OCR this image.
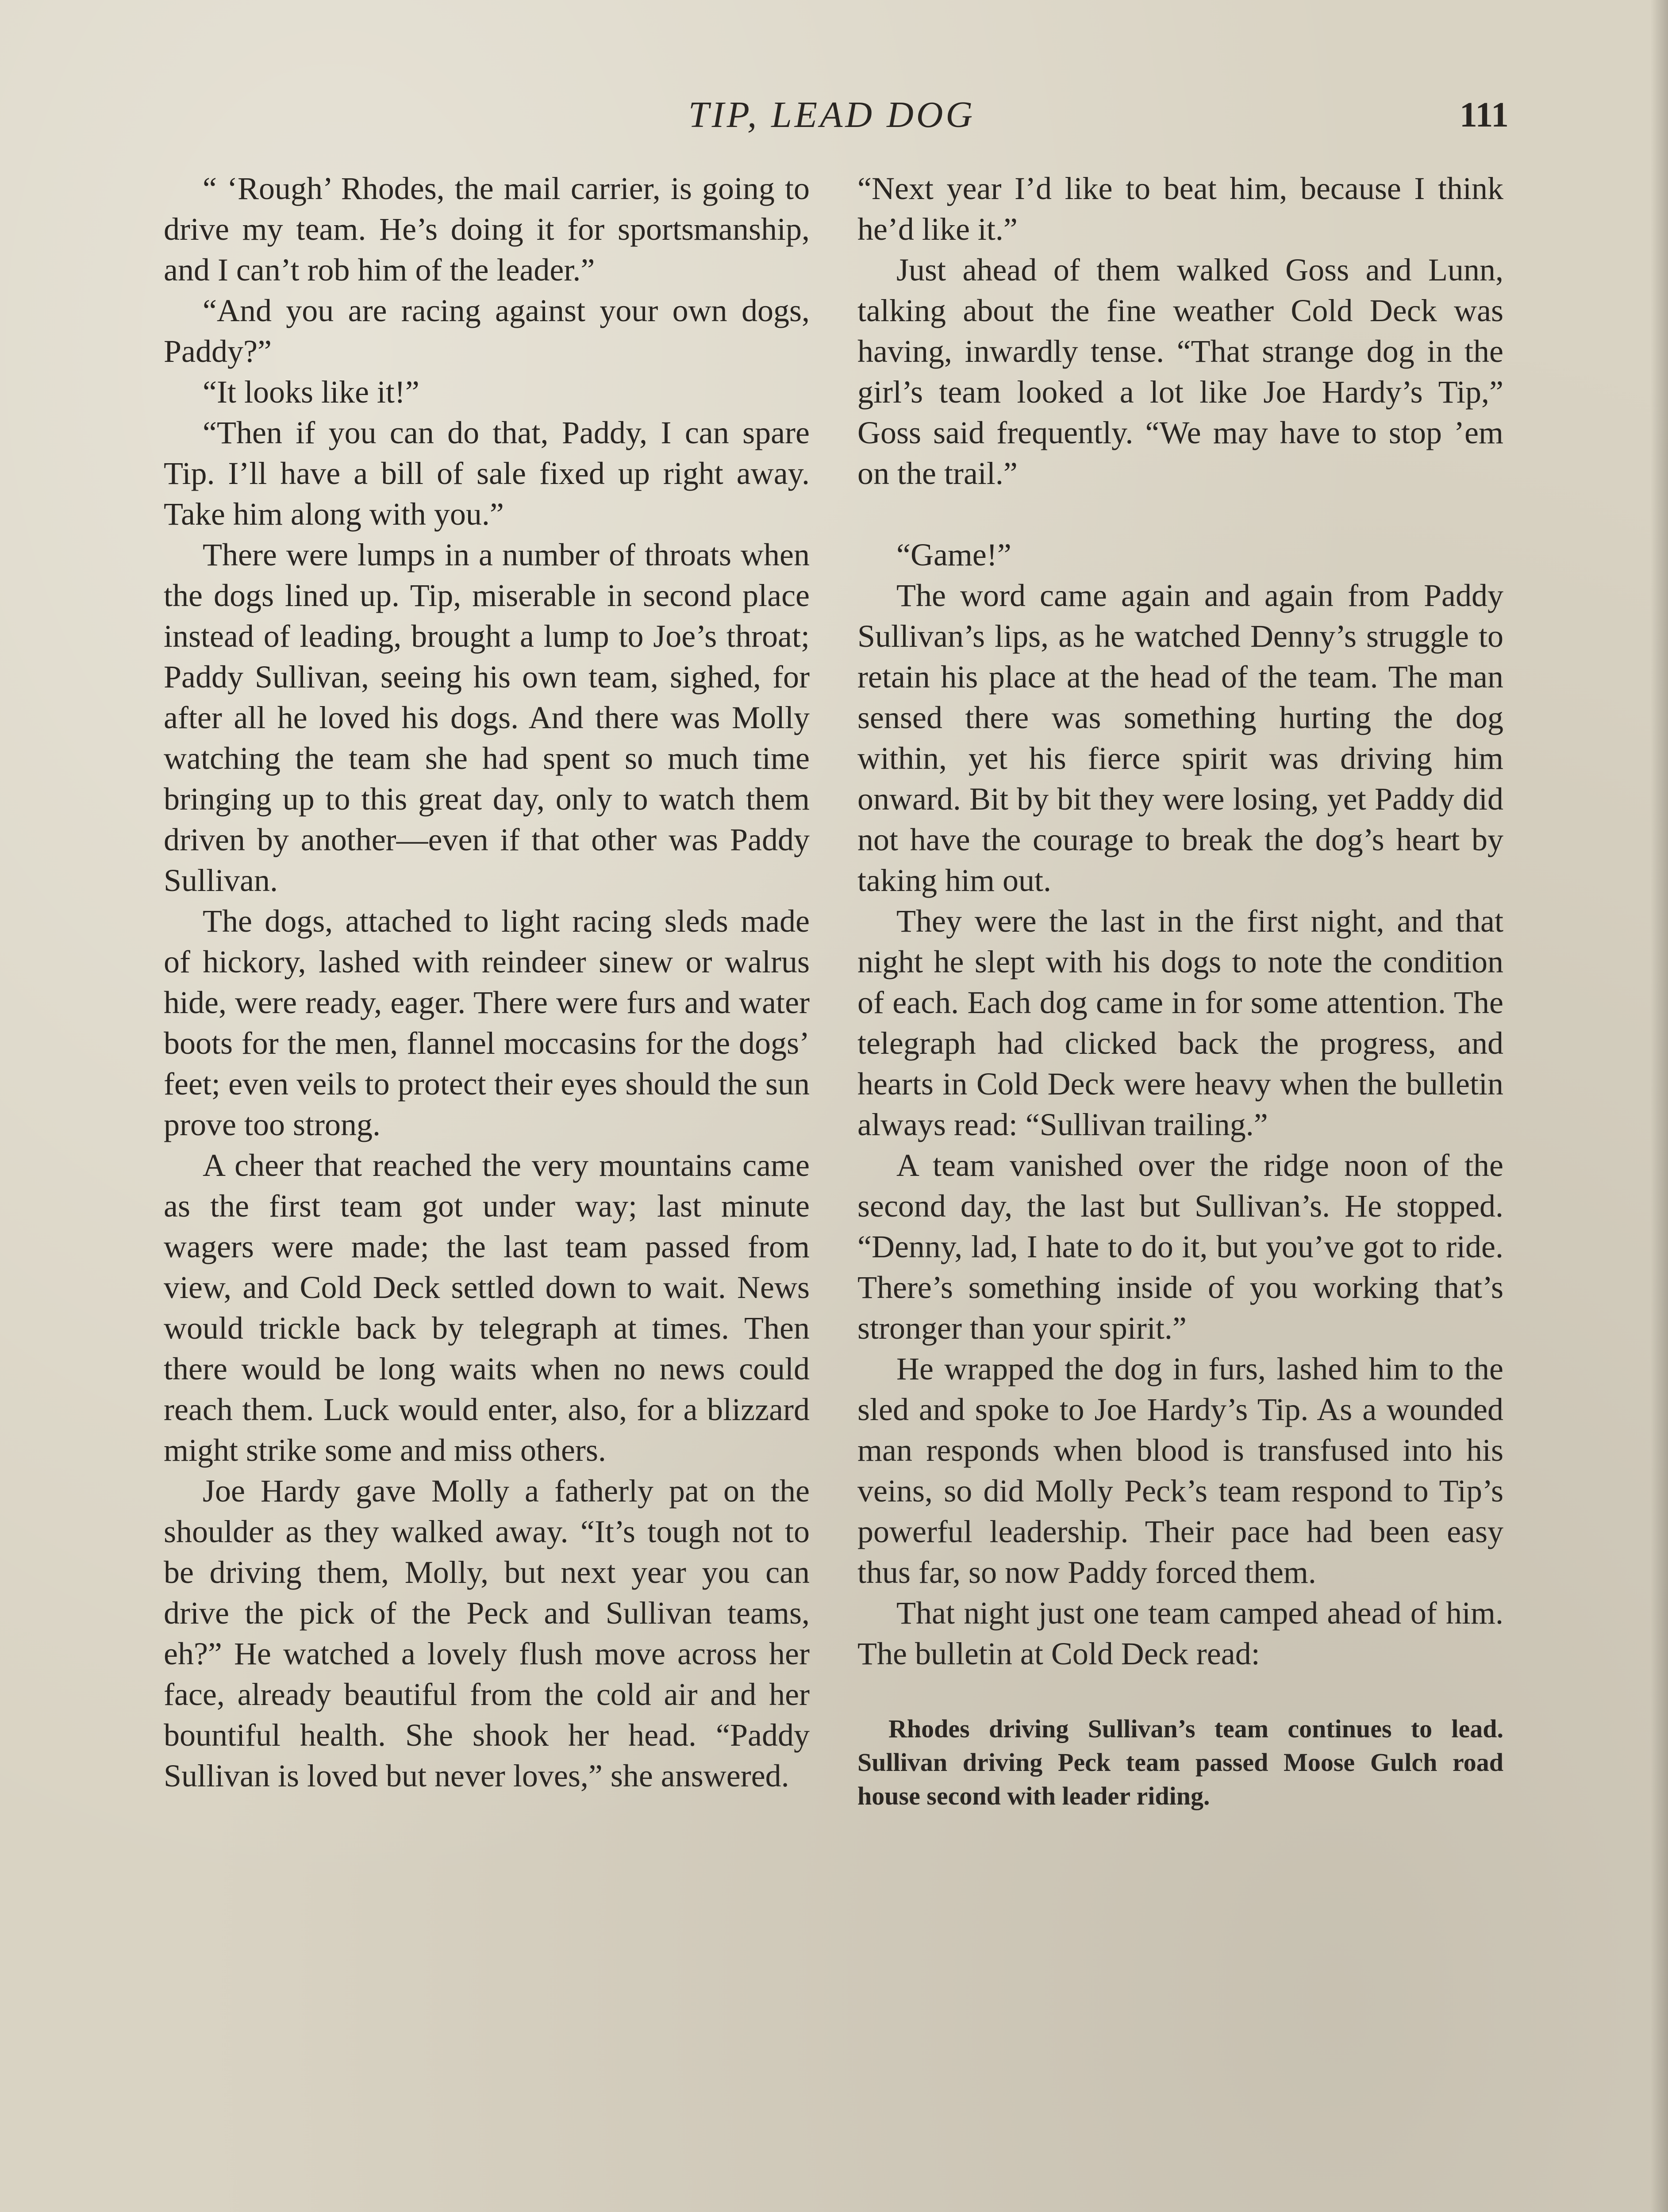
TIP, LEAD DOG	111

“ ‘Rough’ Rhodes, the mail carrier, is going to drive my team. He’s doing it for sportsmanship, and I can’t rob him of the leader.”

“And you are racing against your own dogs, Paddy?”

“It looks like it!”

“Then if you can do that, Paddy, I can spare Tip. I’ll have a bill of sale fixed up right away. Take him along with you.”

There were lumps in a number of throats when the dogs lined up. Tip, miserable in second place instead of leading, brought a lump to Joe’s throat; Paddy Sullivan, seeing his own team, sighed, for after all he loved his dogs. And there was Molly watching the team she had spent so much time bringing up to this great day, only to watch them driven by another—even if that other was Paddy Sullivan.

The dogs, attached to light racing sleds made of hickory, lashed with reindeer sinew or walrus hide, were ready, eager. There were furs and water boots for the men, flannel moccasins for the dogs’ feet; even veils to protect their eyes should the sun prove too strong.

A cheer that reached the very mountains came as the first team got under way; last minute wagers were made; the last team passed from view, and Cold Deck settled down to wait. News would trickle back by telegraph at times. Then there would be long waits when no news could reach them. Luck would enter, also, for a blizzard might strike some and miss others.

Joe Hardy gave Molly a fatherly pat on the shoulder as they walked away. “It’s tough not to be driving them, Molly, but next year you can drive the pick of the Peck and Sullivan teams, eh?” He watched a lovely flush move across her face, already beautiful from the cold air and her bountiful health. She shook her head. “Paddy Sullivan is loved but never loves,” she answered.

“Next year I’d like to beat him, because I think he’d like it.”

Just ahead of them walked Goss and Lunn, talking about the fine weather Cold Deck was having, inwardly tense. “That strange dog in the girl’s team looked a lot like Joe Hardy’s Tip,” Goss said frequently. “We may have to stop ’em on the trail.”

“Game!”

The word came again and again from Paddy Sullivan’s lips, as he watched Denny’s struggle to retain his place at the head of the team. The man sensed there was something hurting the dog within, yet his fierce spirit was driving him onward. Bit by bit they were losing, yet Paddy did not have the courage to break the dog’s heart by taking him out.

They were the last in the first night, and that night he slept with his dogs to note the condition of each. Each dog came in for some attention. The telegraph had clicked back the progress, and hearts in Cold Deck were heavy when the bulletin always read: “Sullivan trailing.”

A team vanished over the ridge noon of the second day, the last but Sullivan’s. He stopped. “Denny, lad, I hate to do it, but you’ve got to ride. There’s something inside of you working that’s stronger than your spirit.”

He wrapped the dog in furs, lashed him to the sled and spoke to Joe Hardy’s Tip. As a wounded man responds when blood is transfused into his veins, so did Molly Peck’s team respond to Tip’s powerful leadership. Their pace had been easy thus far, so now Paddy forced them.

That night just one team camped ahead of him. The bulletin at Cold Deck read:

Rhodes driving Sullivan’s team continues to lead. Sullivan driving Peck team passed Moose Gulch road house second with leader riding.
